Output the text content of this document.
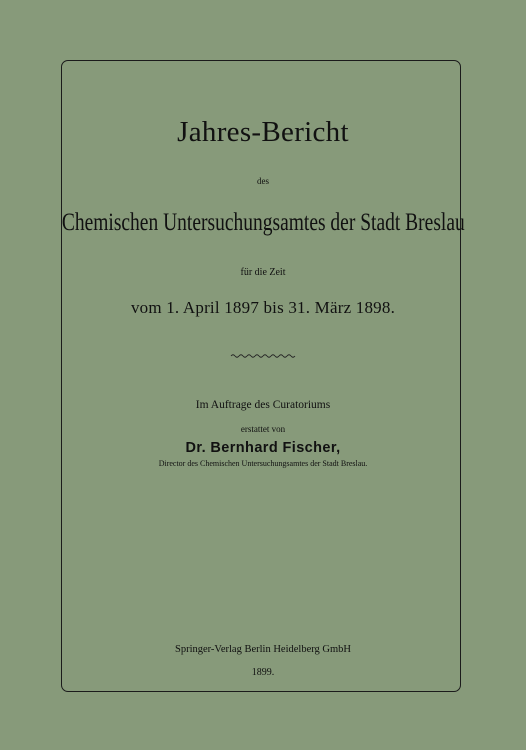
Jahres-Bericht
des
Chemischen Untersuchungsamtes der Stadt Breslau
für die Zeit
vom 1. April 1897 bis 31. März 1898.
Im Auftrage des Curatoriums
erstattet von
Dr. Bernhard Fischer,
Director des Chemischen Untersuchungsamtes der Stadt Breslau.
Springer-Verlag Berlin Heidelberg GmbH
1899.
